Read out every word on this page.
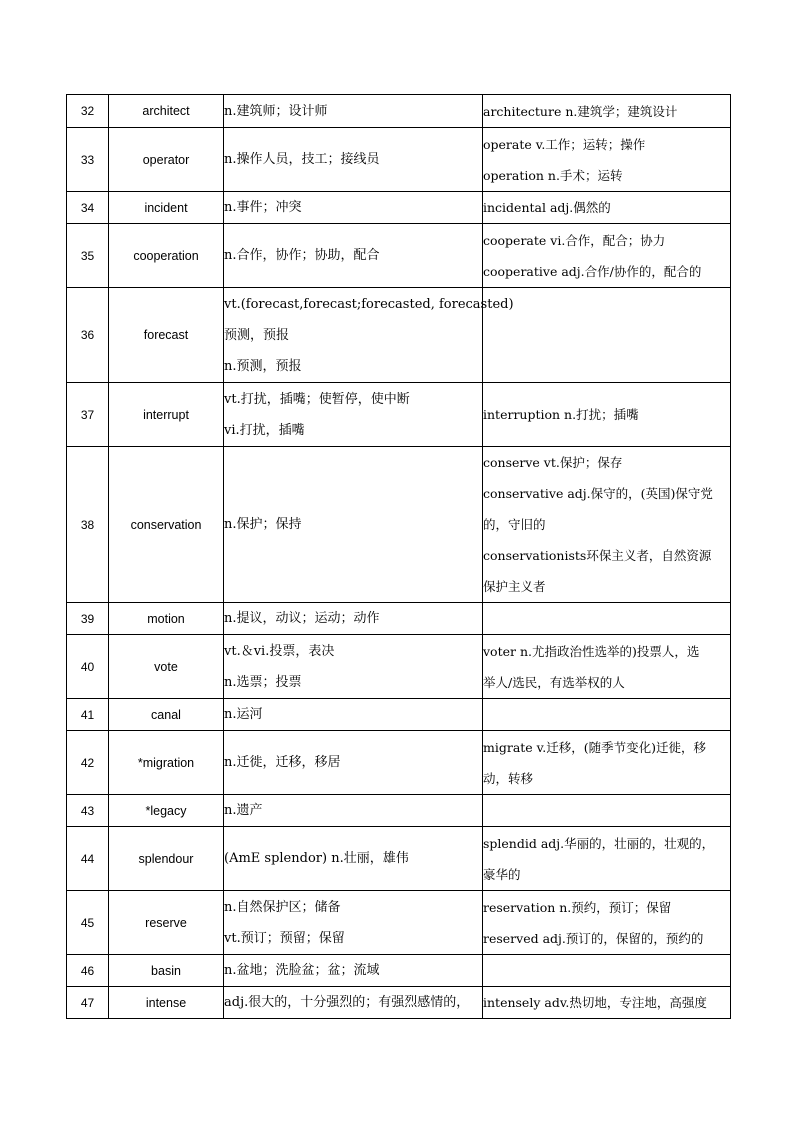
32	architect	n.建筑师；设计师	architecture n.建筑学；建筑设计

33	operator	n.操作人员，技工；接线员	operate v.工作；运转；操作
operation n.手术；运转

34	incident	n.事件；冲突	incidental adj.偶然的

35	cooperation	n.合作，协作；协助，配合	cooperate vi.合作，配合；协力
cooperative adj.合作/协作的，配合的

36	forecast	vt.(forecast,forecast;forecasted, forecasted)
预测，预报
n.预测，预报	

37	interrupt	vt.打扰，插嘴；使暂停，使中断
vi.打扰，插嘴	interruption n.打扰；插嘴

38	conservation	n.保护；保持	conserve vt.保护；保存
conservative adj.保守的，(英国)保守党
的，守旧的
conservationists环保主义者，自然资源
保护主义者

39	motion	n.提议，动议；运动；动作	

40	vote	vt.＆vi.投票，表决
n.选票；投票	voter n.尤指政治性选举的)投票人，选
举人/选民，有选举权的人

41	canal	n.运河	

42	*migration	n.迁徙，迁移，移居	migrate v.迁移，(随季节变化)迁徙，移
动，转移

43	*legacy	n.遗产	

44	splendour	(AmE splendor) n.壮丽，雄伟	splendid adj.华丽的，壮丽的，壮观的，
豪华的

45	reserve	n.自然保护区；储备
vt.预订；预留；保留	reservation n.预约，预订；保留
reserved adj.预订的，保留的，预约的

46	basin	n.盆地；洗脸盆；盆；流域	

47	intense	adj.很大的，十分强烈的；有强烈感情的，	intensely adv.热切地，专注地，高强度
